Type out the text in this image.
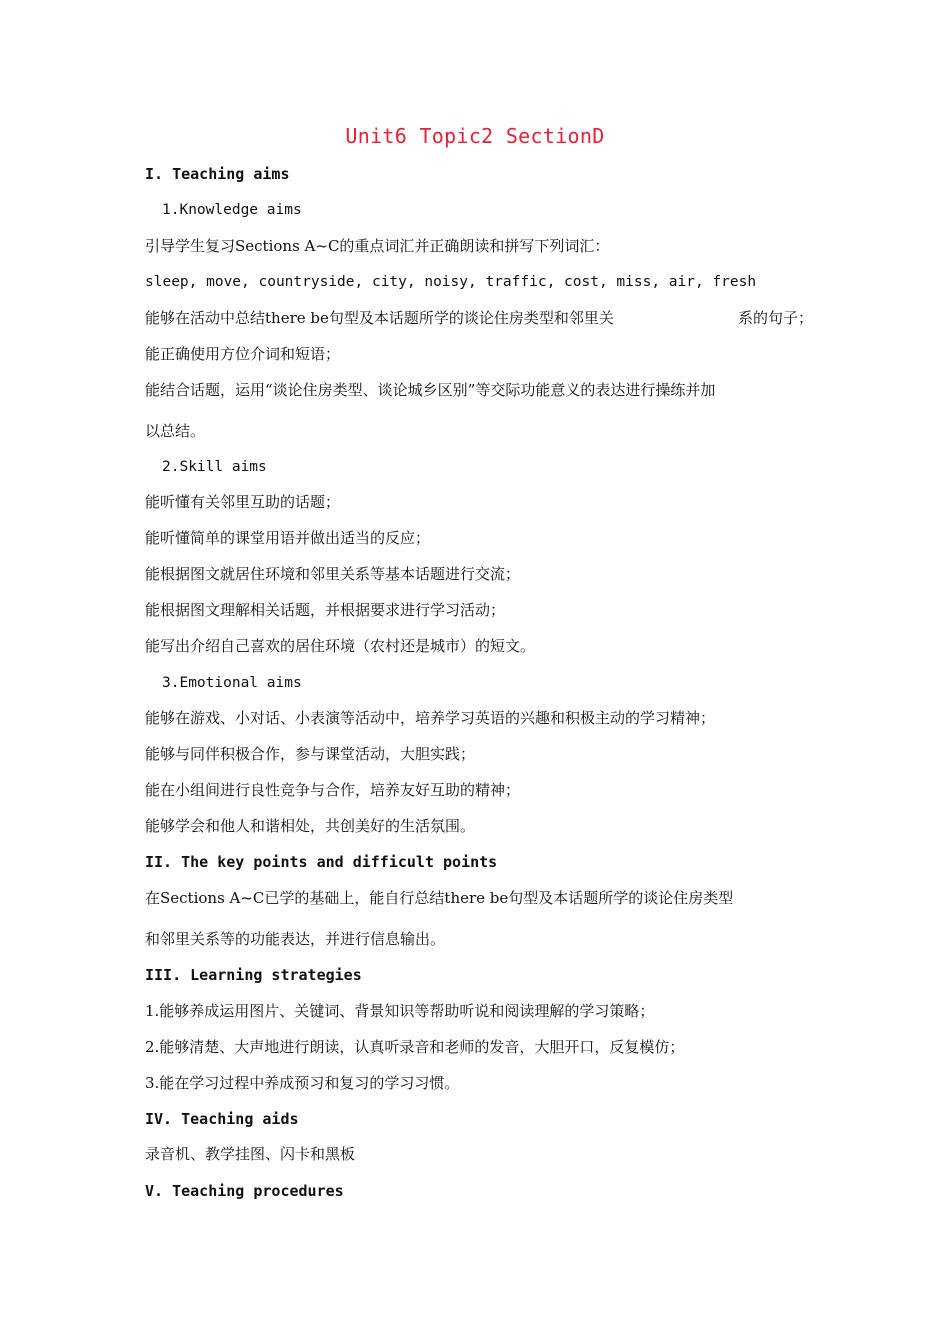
Unit6 Topic2 SectionD
I. Teaching aims
1.Knowledge aims
引导学生复习Sections A~C的重点词汇并正确朗读和拼写下列词汇：
sleep, move, countryside, city, noisy, traffic, cost, miss, air, fresh
能够在活动中总结there be句型及本话题所学的谈论住房类型和邻里关	系的句子；
能正确使用方位介词和短语；
能结合话题，运用“谈论住房类型、谈论城乡区别”等交际功能意义的表达进行操练并加
以总结。
2.Skill aims
能听懂有关邻里互助的话题；
能听懂简单的课堂用语并做出适当的反应；
能根据图文就居住环境和邻里关系等基本话题进行交流；
能根据图文理解相关话题，并根据要求进行学习活动；
能写出介绍自己喜欢的居住环境（农村还是城市）的短文。
3.Emotional aims
能够在游戏、小对话、小表演等活动中，培养学习英语的兴趣和积极主动的学习精神；
能够与同伴积极合作，参与课堂活动，大胆实践；
能在小组间进行良性竞争与合作，培养友好互助的精神；
能够学会和他人和谐相处，共创美好的生活氛围。
II. The key points and difficult points
在Sections A~C已学的基础上，能自行总结there be句型及本话题所学的谈论住房类型
和邻里关系等的功能表达，并进行信息输出。
III. Learning strategies
1.能够养成运用图片、关键词、背景知识等帮助听说和阅读理解的学习策略；
2.能够清楚、大声地进行朗读，认真听录音和老师的发音，大胆开口，反复模仿；
3.能在学习过程中养成预习和复习的学习习惯。
IV. Teaching aids
录音机、教学挂图、闪卡和黑板
V. Teaching procedures
